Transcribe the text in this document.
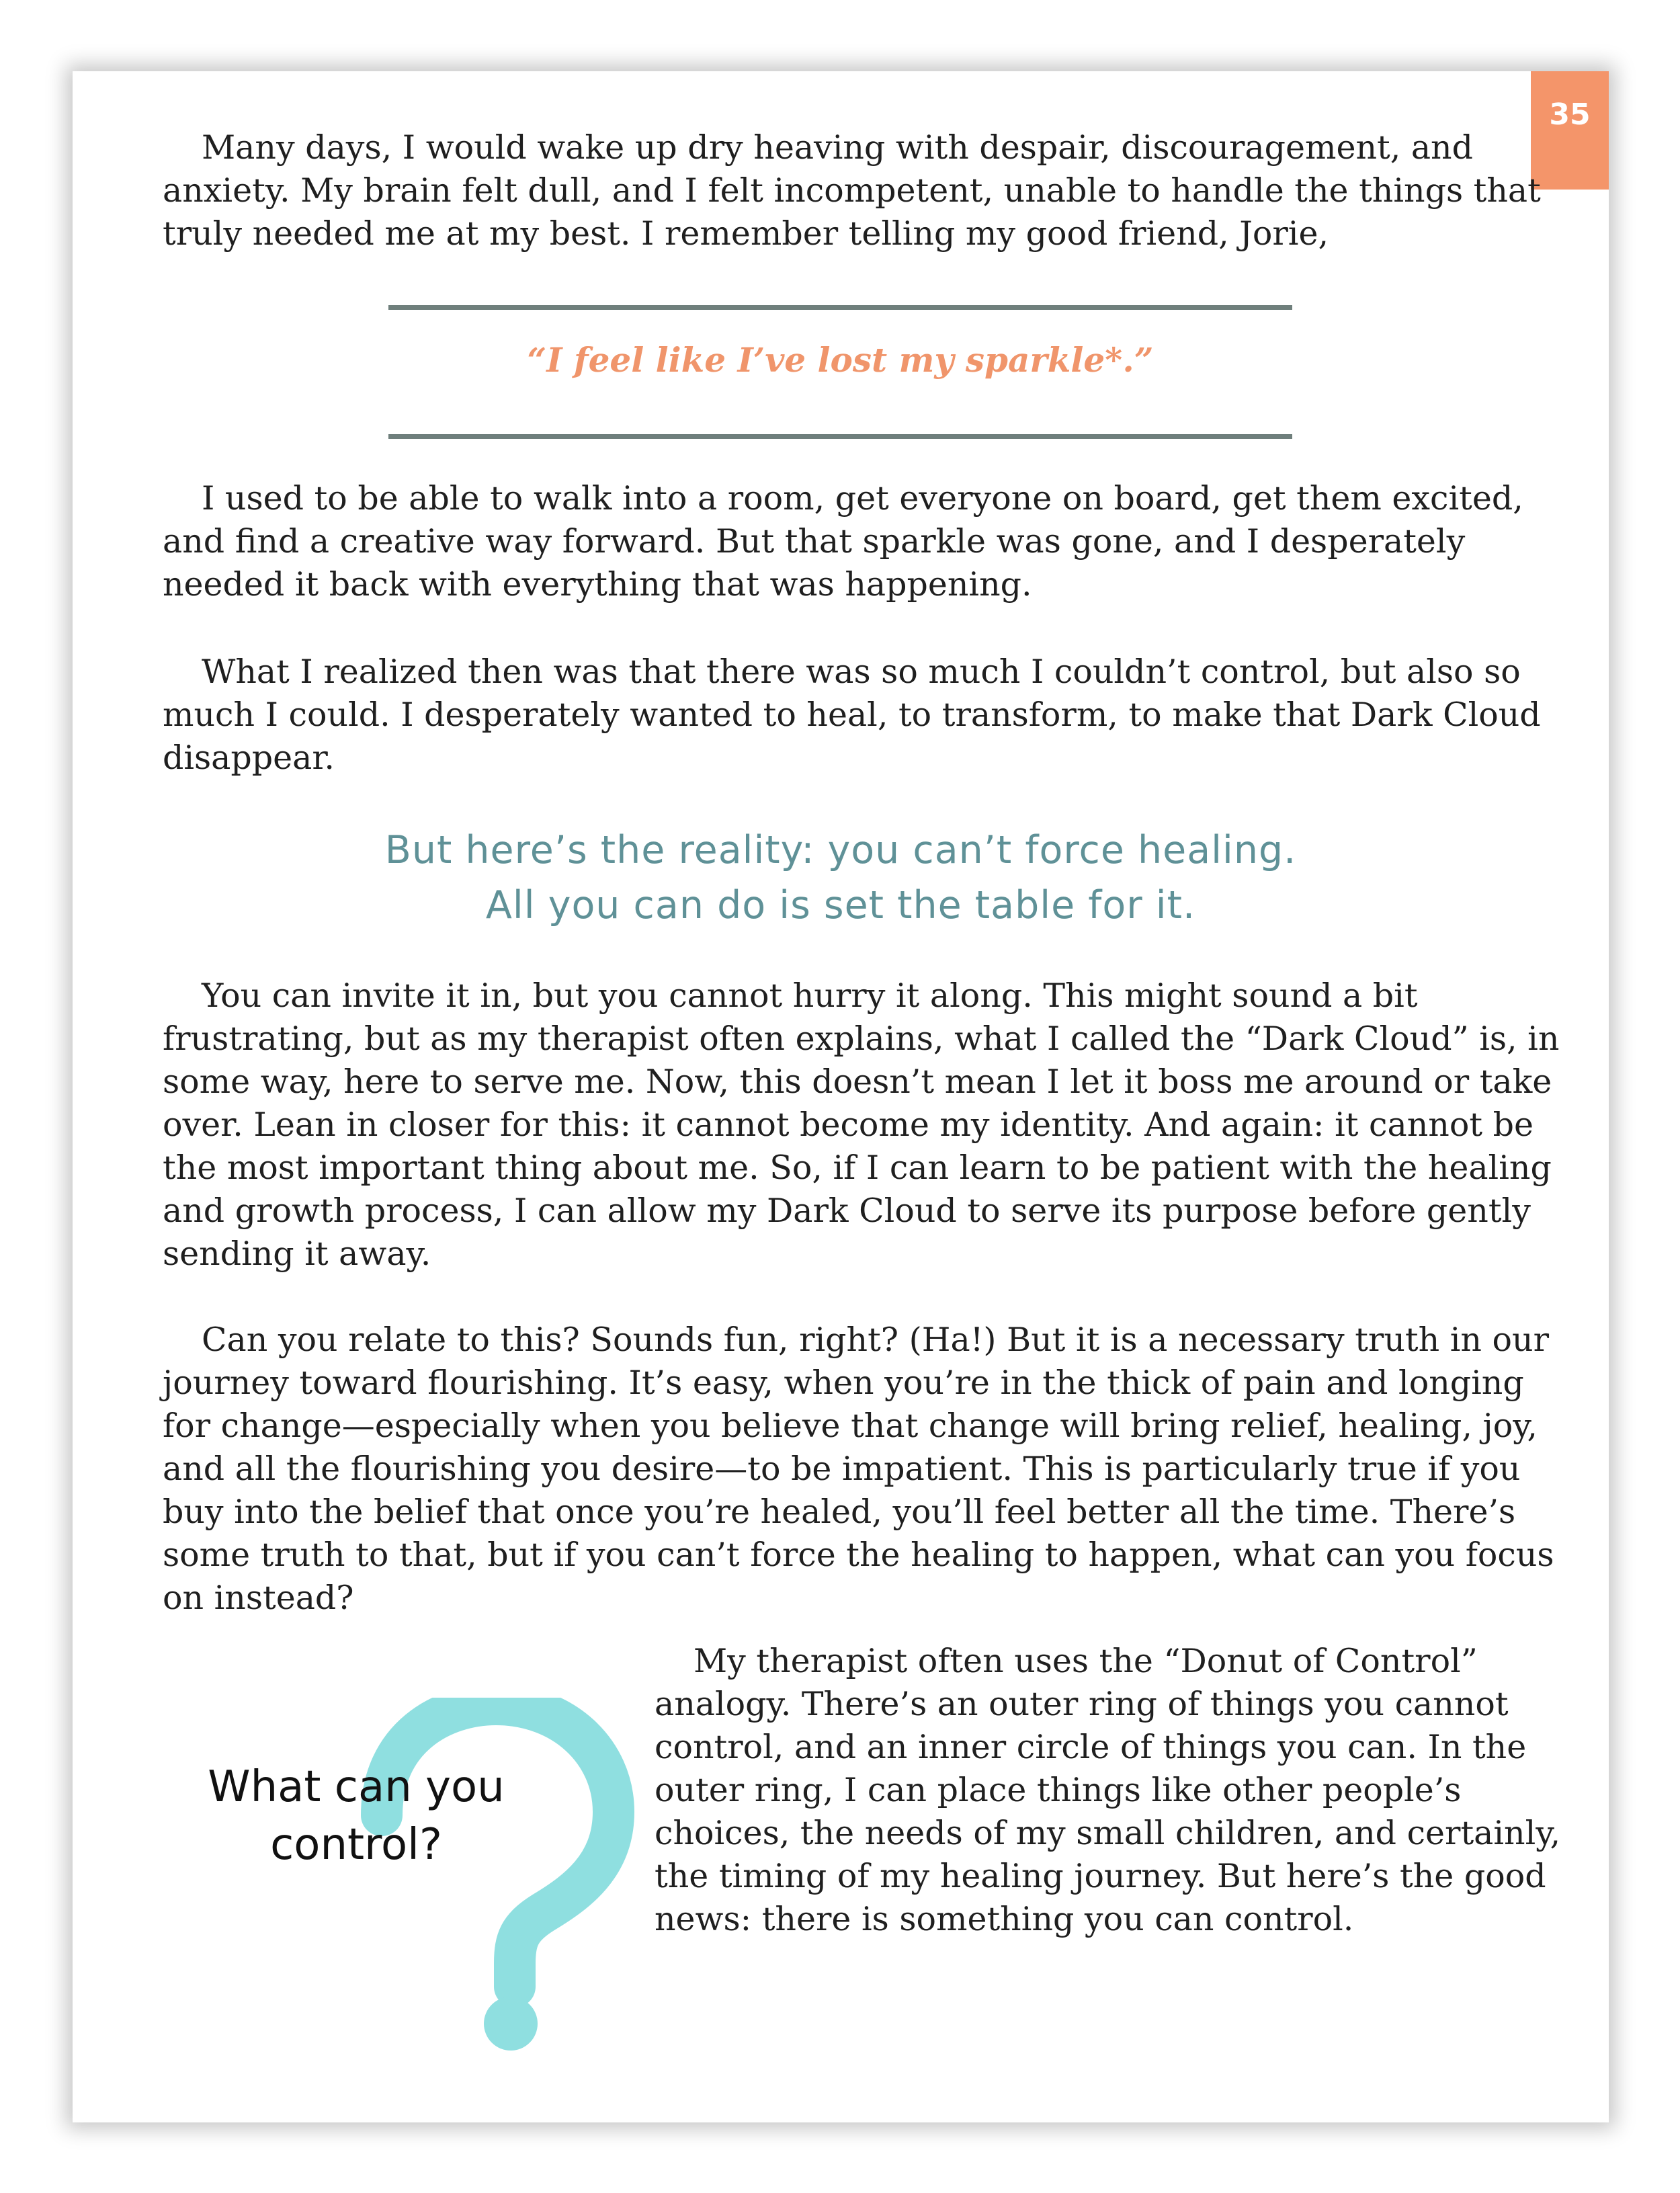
35

Many days, I would wake up dry heaving with despair, discouragement, and anxiety. My brain felt dull, and I felt incompetent, unable to handle the things that truly needed me at my best. I remember telling my good friend, Jorie,

“I feel like I’ve lost my sparkle*.”

I used to be able to walk into a room, get everyone on board, get them excited, and find a creative way forward. But that sparkle was gone, and I desperately needed it back with everything that was happening.

What I realized then was that there was so much I couldn’t control, but also so much I could. I desperately wanted to heal, to transform, to make that Dark Cloud disappear.

But here’s the reality: you can’t force healing.
All you can do is set the table for it.

You can invite it in, but you cannot hurry it along. This might sound a bit frustrating, but as my therapist often explains, what I called the “Dark Cloud” is, in some way, here to serve me. Now, this doesn’t mean I let it boss me around or take over. Lean in closer for this: it cannot become my identity. And again: it cannot be the most important thing about me. So, if I can learn to be patient with the healing and growth process, I can allow my Dark Cloud to serve its purpose before gently sending it away.

Can you relate to this? Sounds fun, right? (Ha!) But it is a necessary truth in our journey toward flourishing. It’s easy, when you’re in the thick of pain and longing for change—especially when you believe that change will bring relief, healing, joy, and all the flourishing you desire—to be impatient. This is particularly true if you buy into the belief that once you’re healed, you’ll feel better all the time. There’s some truth to that, but if you can’t force the healing to happen, what can you focus on instead?

What can you
control?

My therapist often uses the “Donut of Control” analogy. There’s an outer ring of things you cannot control, and an inner circle of things you can. In the outer ring, I can place things like other people’s choices, the needs of my small children, and certainly, the timing of my healing journey. But here’s the good news: there is something you can control.
